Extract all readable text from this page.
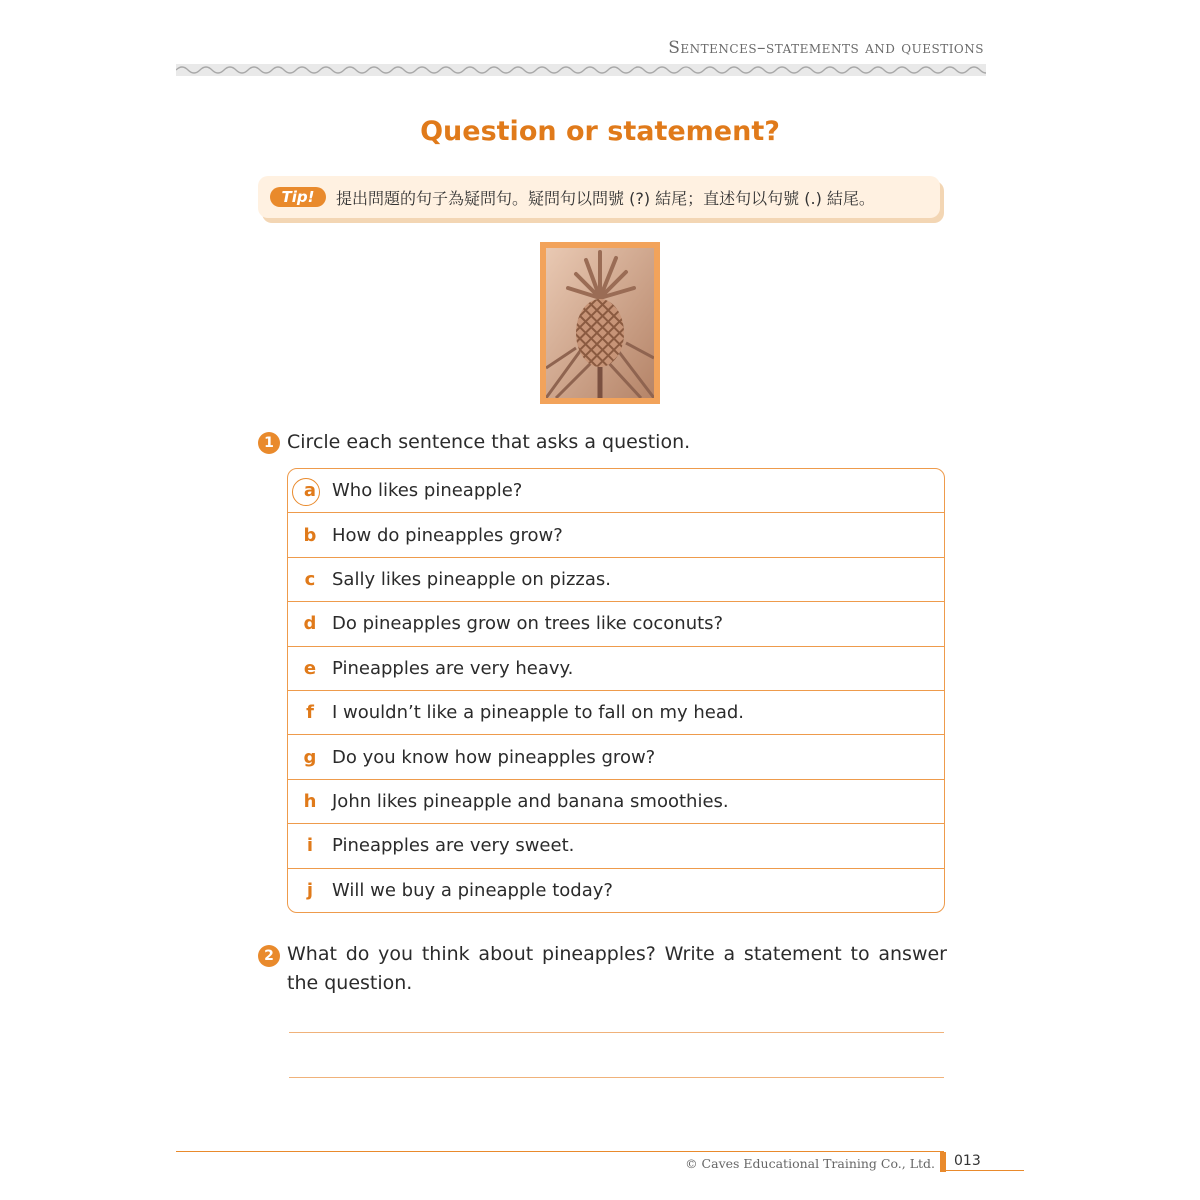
Sentences–statements and questions
Question or statement?
Tip!	提出問題的句子為疑問句。疑問句以問號 (?) 結尾；直述句以句號 (.) 結尾。
1 Circle each sentence that asks a question.
a Who likes pineapple?
b How do pineapples grow?
c Sally likes pineapple on pizzas.
d Do pineapples grow on trees like coconuts?
e Pineapples are very heavy.
f	I wouldn’t like a pineapple to fall on my head.
g Do you know how pineapples grow?
h John likes pineapple and banana smoothies.
i	Pineapples are very sweet.
j	Will we buy a pineapple today?
2 What do you think about pineapples? Write a statement to answer the question.
© Caves Educational Training Co., Ltd. 013
